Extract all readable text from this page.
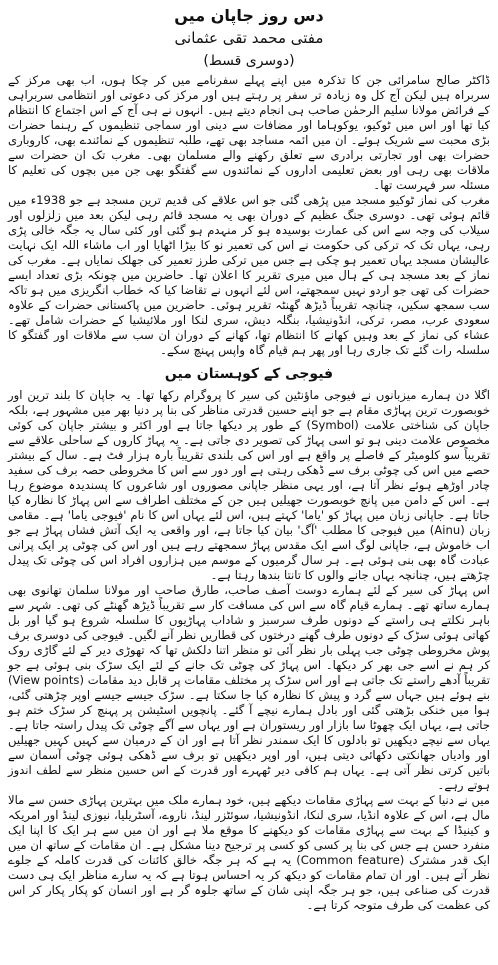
دس روز جاپان میں
مفتی محمد تقی عثمانی
(دوسری قسط)

ڈاکٹر صالح سامرائی جن کا تذکرہ میں اپنے پہلے سفرنامے میں کر چکا ہوں، اب بھی مرکز کے سربراہ ہیں لیکن آج کل وہ زیادہ تر سفر پر رہتے ہیں اور مرکز کی دعوتی اور انتظامی سربراہی کے فرائض مولانا سلیم الرحمٰن صاحب ہی انجام دیتے ہیں۔ انہوں نے ہی آج کے اس اجتماع کا انتظام کیا تھا اور اس میں ٹوکیو، یوکوہاما اور مضافات سے دینی اور سماجی تنظیموں کے رہنما حضرات بڑی محبت سے شریک ہوئے۔ ان میں ائمہ مساجد بھی تھے، طلبہ تنظیموں کے نمائندے بھی، کاروباری حضرات بھی اور تجارتی برادری سے تعلق رکھنے والے مسلمان بھی۔ مغرب تک ان حضرات سے ملاقات بھی رہی اور بعض تعلیمی اداروں کے نمائندوں سے گفتگو بھی جن میں بچوں کی تعلیم کا مسئلہ سر فہرست تھا۔

مغرب کی نماز ٹوکیو مسجد میں پڑھی گئی جو اس علاقے کی قدیم ترین مسجد ہے جو 1938ء میں قائم ہوئی تھی۔ دوسری جنگ عظیم کے دوران بھی یہ مسجد قائم رہی لیکن بعد میں زلزلوں اور سیلاب کی وجہ سے اس کی عمارت بوسیدہ ہو کر منہدم ہو گئی اور کئی سال یہ جگہ خالی پڑی رہی، یہاں تک کہ ترکی کی حکومت نے اس کی تعمیر نو کا بیڑا اٹھایا اور اب ماشاء اللہ ایک نہایت عالیشان مسجد یہاں تعمیر ہو چکی ہے جس میں ترکی طرز تعمیر کی جھلک نمایاں ہے۔ مغرب کی نماز کے بعد مسجد ہی کے ہال میں میری تقریر کا اعلان تھا۔ حاضرین میں چونکہ بڑی تعداد ایسے حضرات کی تھی جو اردو نہیں سمجھتے، اس لئے انہوں نے تقاضا کیا کہ خطاب انگریزی میں ہو تاکہ سب سمجھ سکیں، چنانچہ تقریباً ڈیڑھ گھنٹہ تقریر ہوئی۔ حاضرین میں پاکستانی حضرات کے علاوہ سعودی عرب، مصر، ترکی، انڈونیشیا، بنگلہ دیش، سری لنکا اور ملائیشیا کے حضرات شامل تھے۔ عشاء کی نماز کے بعد وہیں کھانے کا انتظام تھا، کھانے کے دوران ان سب سے ملاقات اور گفتگو کا سلسلہ رات گئے تک جاری رہا اور پھر ہم قیام گاہ واپس پہنچ سکے۔

فیوجی کے کوہستان میں

اگلا دن ہمارے میزبانوں نے فیوجی ماؤنٹین کی سیر کا پروگرام رکھا تھا۔ یہ جاپان کا بلند ترین اور خوبصورت ترین پہاڑی مقام ہے جو اپنے حسین قدرتی مناظر کی بنا پر دنیا بھر میں مشہور ہے، بلکہ جاپان کی شناختی علامت (Symbol) کے طور پر دیکھا جاتا ہے اور اکثر و بیشتر جاپان کی کوئی مخصوص علامت دینی ہو تو اسی پہاڑ کی تصویر دی جاتی ہے۔ یہ پہاڑ کاروں کے ساحلی علاقے سے تقریباً سو کلومیٹر کے فاصلے پر واقع ہے اور اس کی بلندی تقریباً بارہ ہزار فٹ ہے۔ سال کے بیشتر حصے میں اس کی چوٹی برف سے ڈھکی رہتی ہے اور دور سے اس کا مخروطی حصہ برف کی سفید چادر اوڑھے ہوئے نظر آتا ہے، اور یہی منظر جاپانی مصوروں اور شاعروں کا پسندیدہ موضوع رہا ہے۔ اس کے دامن میں پانچ خوبصورت جھیلیں ہیں جن کے مختلف اطراف سے اس پہاڑ کا نظارہ کیا جاتا ہے۔ جاپانی زبان میں پہاڑ کو 'یاما' کہتے ہیں، اس لئے یہاں اس کا نام 'فیوجی یاما' ہے۔ مقامی زبان (Ainu) میں فیوجی کا مطلب 'آگ' بیان کیا جاتا ہے، اور واقعی یہ ایک آتش فشاں پہاڑ ہے جو اب خاموش ہے، جاپانی لوگ اسے ایک مقدس پہاڑ سمجھتے رہے ہیں اور اس کی چوٹی پر ایک پرانی عبادت گاہ بھی بنی ہوئی ہے۔ ہر سال گرمیوں کے موسم میں ہزاروں افراد اس کی چوٹی تک پیدل چڑھتے ہیں، چنانچہ یہاں جانے والوں کا تانتا بندھا رہتا ہے۔

اس پہاڑ کی سیر کے لئے ہمارے دوست آصف صاحب، طارق صاحب اور مولانا سلمان تھانوی بھی ہمارے ساتھ تھے۔ ہمارے قیام گاہ سے اس کی مسافت کار سے تقریباً ڈیڑھ گھنٹے کی تھی۔ شہر سے باہر نکلتے ہی راستے کے دونوں طرف سرسبز و شاداب پہاڑیوں کا سلسلہ شروع ہو گیا اور بل کھاتی ہوئی سڑک کے دونوں طرف گھنے درختوں کی قطاریں نظر آنے لگیں۔ فیوجی کی دوسری برف پوش مخروطی چوٹی جب پہلی بار نظر آئی تو منظر اتنا دلکش تھا کہ تھوڑی دیر کے لئے گاڑی روک کر ہم نے اسے جی بھر کر دیکھا۔ اس پہاڑ کی چوٹی تک جانے کے لئے ایک سڑک بنی ہوئی ہے جو تقریباً آدھے راستے تک جاتی ہے اور اس سڑک پر مختلف مقامات پر قابل دید مقامات (View points) بنے ہوئے ہیں جہاں سے گرد و پیش کا نظارہ کیا جا سکتا ہے۔ سڑک جیسے جیسے اوپر چڑھتی گئی، ہوا میں خنکی بڑھتی گئی اور بادل ہمارے نیچے آ گئے۔ پانچویں اسٹیشن پر پہنچ کر سڑک ختم ہو جاتی ہے، یہاں ایک چھوٹا سا بازار اور ریستوران ہے اور یہاں سے آگے چوٹی تک پیدل راستہ جاتا ہے۔ یہاں سے نیچے دیکھیں تو بادلوں کا ایک سمندر نظر آتا ہے اور ان کے درمیان سے کہیں کہیں جھیلیں اور وادیاں جھانکتی دکھائی دیتی ہیں، اور اوپر دیکھیں تو برف سے ڈھکی ہوئی چوٹی آسمان سے باتیں کرتی نظر آتی ہے۔ یہاں ہم کافی دیر ٹھہرے اور قدرت کے اس حسین منظر سے لطف اندوز ہوتے رہے۔

میں نے دنیا کے بہت سے پہاڑی مقامات دیکھے ہیں، خود ہمارے ملک میں بہترین پہاڑی حسن سے مالا مال ہے، اس کے علاوہ انڈیا، سری لنکا، انڈونیشیا، سوئٹزر لینڈ، ناروے، آسٹریلیا، نیوزی لینڈ اور امریکہ و کینیڈا کے بہت سے پہاڑی مقامات کو دیکھنے کا موقع ملا ہے اور ان میں سے ہر ایک کا اپنا ایک منفرد حسن ہے جس کی بنا پر کسی کو کسی پر ترجیح دینا مشکل ہے۔ ان مقامات کے ساتھ ان میں ایک قدر مشترک (Common feature) یہ ہے کہ ہر جگہ خالق کائنات کی قدرت کاملہ کے جلوے نظر آتے ہیں۔ اور ان تمام مقامات کو دیکھ کر یہ احساس ہوتا ہے کہ یہ سارے مناظر ایک ہی دست قدرت کی صناعی ہیں، جو ہر جگہ اپنی شان کے ساتھ جلوہ گر ہے اور انسان کو پکار پکار کر اس کی عظمت کی طرف متوجہ کرتا ہے۔
